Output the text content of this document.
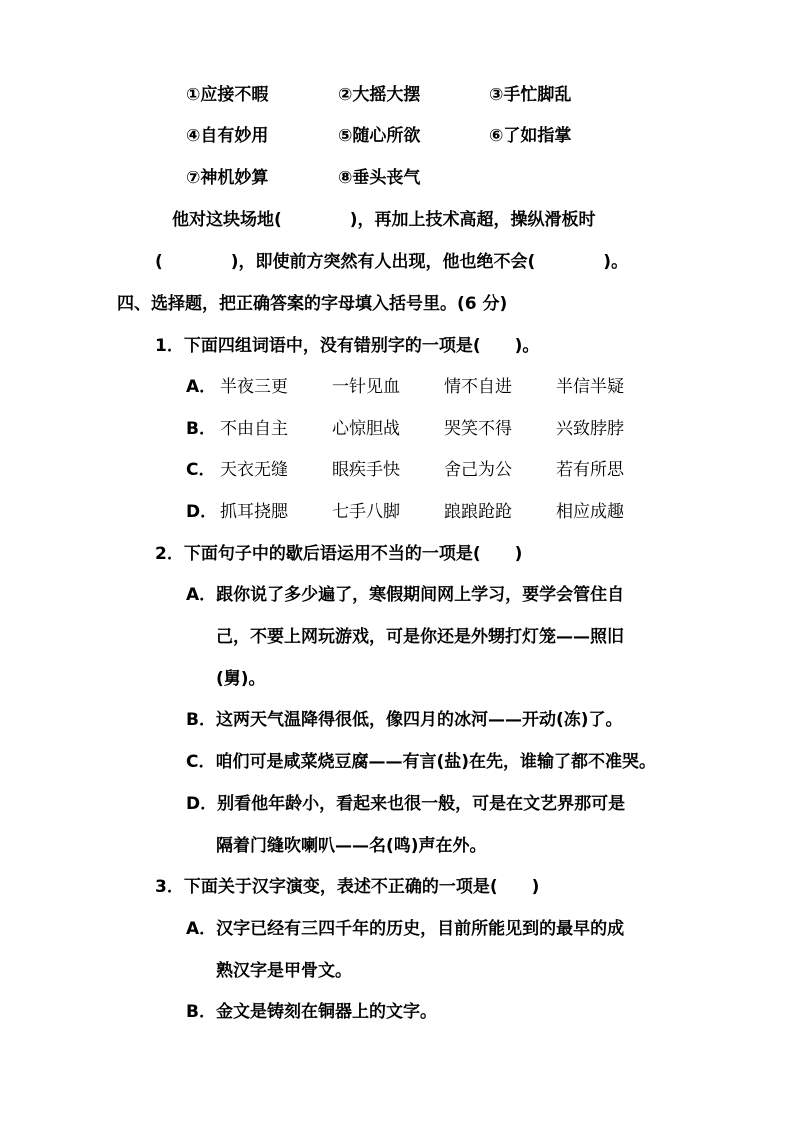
①应接不暇	②大摇大摆	③手忙脚乱
④自有妙用	⑤随心所欲	⑥了如指掌
⑦神机妙算	⑧垂头丧气
他对这块场地(　　　　)，再加上技术高超，操纵滑板时
(　　　　)，即使前方突然有人出现，他也绝不会(　　　　)。
四、选择题，把正确答案的字母填入括号里。(6 分)
1．下面四组词语中，没有错别字的一项是(　　)。
A． 半夜三更	一针见血	情不自进	半信半疑
B． 不由自主	心惊胆战	哭笑不得	兴致脖脖
C． 天衣无缝	眼疾手快	舍己为公	若有所思
D． 抓耳挠腮	七手八脚	踉踉跄跄	相应成趣
2．下面句子中的歇后语运用不当的一项是(　　)
A．跟你说了多少遍了，寒假期间网上学习，要学会管住自
己，不要上网玩游戏，可是你还是外甥打灯笼——照旧
(舅)。
B．这两天气温降得很低，像四月的冰河——开动(冻)了。
C．咱们可是咸菜烧豆腐——有言(盐)在先，谁输了都不准哭。
D．别看他年龄小，看起来也很一般，可是在文艺界那可是
隔着门缝吹喇叭——名(鸣)声在外。
3．下面关于汉字演变，表述不正确的一项是(　　)
A．汉字已经有三四千年的历史，目前所能见到的最早的成
熟汉字是甲骨文。
B．金文是铸刻在铜器上的文字。
